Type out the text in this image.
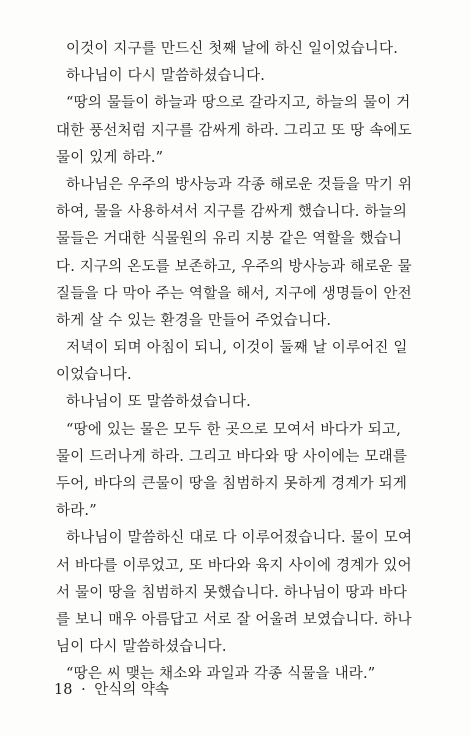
이것이 지구를 만드신 첫째 날에 하신 일이었습니다.
하나님이 다시 말씀하셨습니다.
“땅의 물들이 하늘과 땅으로 갈라지고, 하늘의 물이 거
대한 풍선처럼 지구를 감싸게 하라. 그리고 또 땅 속에도
물이 있게 하라.”
하나님은 우주의 방사능과 각종 해로운 것들을 막기 위
하여, 물을 사용하셔서 지구를 감싸게 했습니다. 하늘의
물들은 거대한 식물원의 유리 지붕 같은 역할을 했습니
다. 지구의 온도를 보존하고, 우주의 방사능과 해로운 물
질들을 다 막아 주는 역할을 해서, 지구에 생명들이 안전
하게 살 수 있는 환경을 만들어 주었습니다.
저녁이 되며 아침이 되니, 이것이 둘째 날 이루어진 일
이었습니다.
하나님이 또 말씀하셨습니다.
“땅에 있는 물은 모두 한 곳으로 모여서 바다가 되고,
물이 드러나게 하라. 그리고 바다와 땅 사이에는 모래를
두어, 바다의 큰물이 땅을 침범하지 못하게 경계가 되게
하라.”
하나님이 말씀하신 대로 다 이루어졌습니다. 물이 모여
서 바다를 이루었고, 또 바다와 육지 사이에 경계가 있어
서 물이 땅을 침범하지 못했습니다. 하나님이 땅과 바다
를 보니 매우 아름답고 서로 잘 어울려 보였습니다. 하나
님이 다시 말씀하셨습니다.
“땅은 씨 맺는 채소와 과일과 각종 식물을 내라.”
18 · 안식의 약속
